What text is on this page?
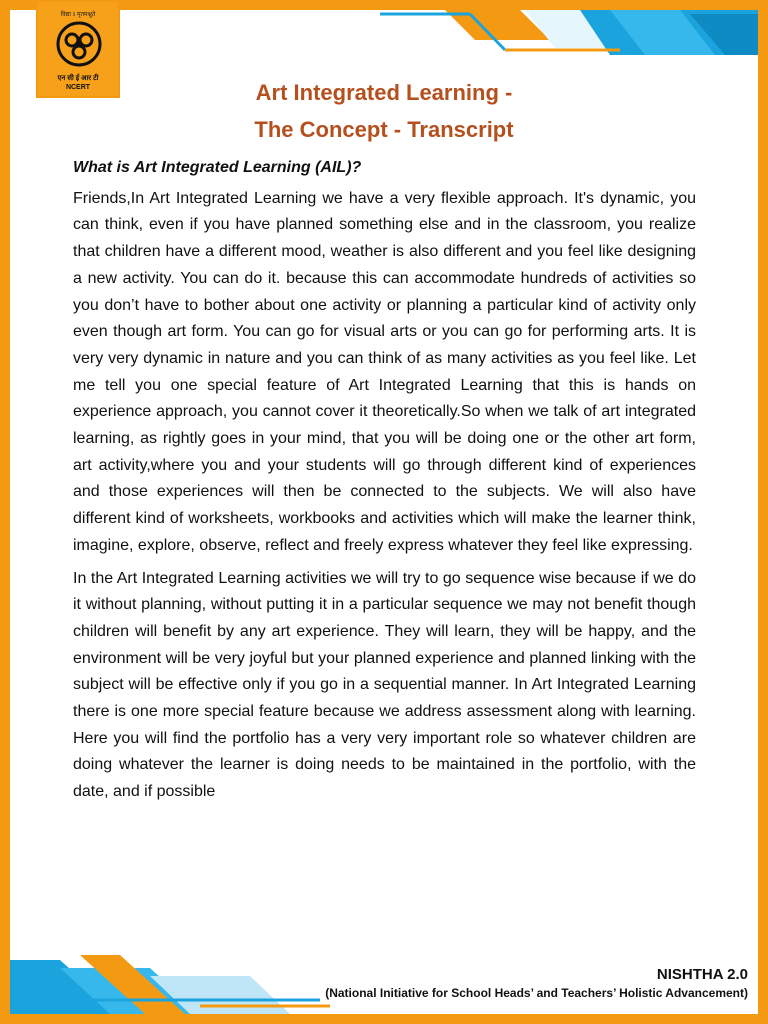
विद्या ऽ मृतमश्नुते
एन सी ई आर टी
NCERT	Art Integrated Learning -
The Concept - Transcript

What is Art Integrated Learning (AIL)?

Friends,In Art Integrated Learning we have a very flexible approach. It's dynamic, you can think, even if you have planned something else and in the classroom, you realize that children have a different mood, weather is also different and you feel like designing a new activity. You can do it. because this can accommodate hundreds of activities so you don’t have to bother about one activity or planning a particular kind of activity only even though art form. You can go for visual arts or you can go for performing arts. It is very very dynamic in nature and you can think of as many activities as you feel like. Let me tell you one special feature of Art Integrated Learning that this is hands on experience approach, you cannot cover it theoretically.So when we talk of art integrated learning, as rightly goes in your mind, that you will be doing one or the other art form, art activity,where you and your students will go through different kind of experiences and those experiences will then be connected to the subjects. We will also have different kind of worksheets, workbooks and activities which will make the learner think, imagine, explore, observe, reflect and freely express whatever they feel like expressing.

In the Art Integrated Learning activities we will try to go sequence wise because if we do it without planning, without putting it in a particular sequence we may not benefit though children will benefit by any art experience. They will learn, they will be happy, and the environment will be very joyful but your planned experience and planned linking with the subject will be effective only if you go in a sequential manner. In Art Integrated Learning there is one more special feature because we address assessment along with learning. Here you will find the portfolio has a very very important role so whatever children are doing whatever the learner is doing needs to be maintained in the portfolio, with the date, and if possible

NISHTHA 2.0
(National Initiative for School Heads’ and Teachers’ Holistic Advancement)
